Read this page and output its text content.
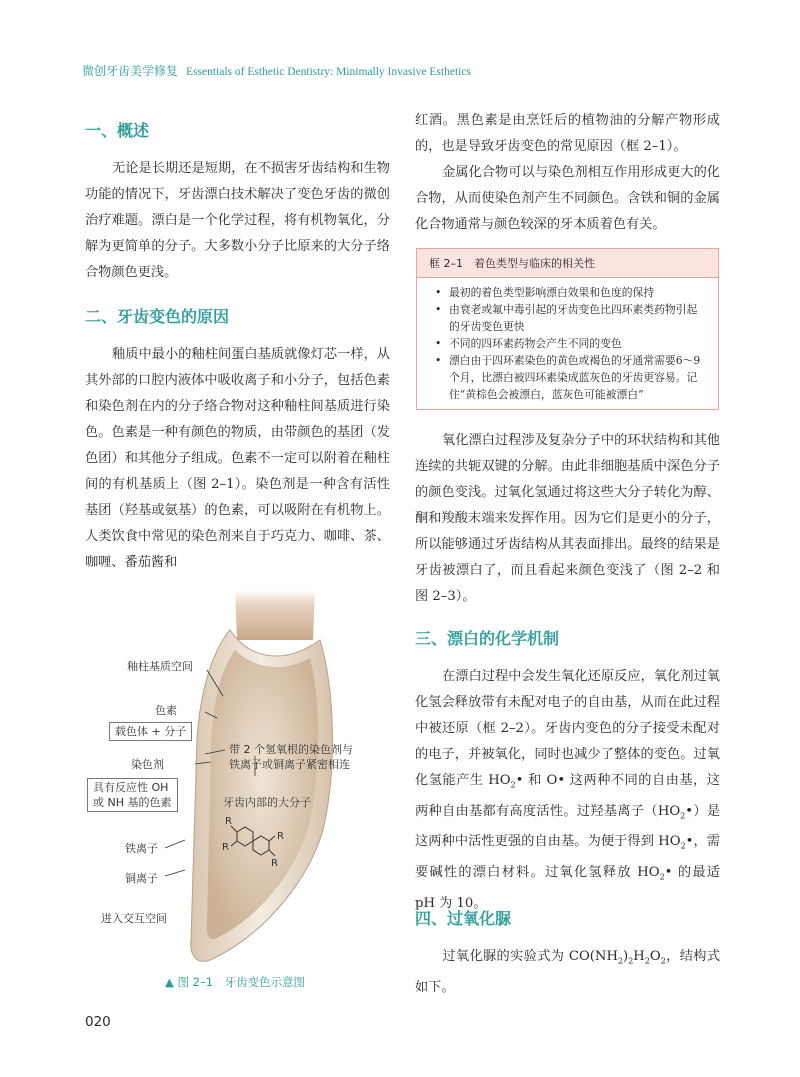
微创牙齿美学修复 Essentials of Esthetic Dentistry: Minimally Invasive Esthetics
一、概述

无论是长期还是短期，在不损害牙齿结构和生物功能的情况下，牙齿漂白技术解决了变色牙齿的微创治疗难题。漂白是一个化学过程，将有机物氧化，分解为更简单的分子。大多数小分子比原来的大分子络合物颜色更浅。

二、牙齿变色的原因

釉质中最小的釉柱间蛋白基质就像灯芯一样，从其外部的口腔内液体中吸收离子和小分子，包括色素和染色剂在内的分子络合物对这种釉柱间基质进行染色。色素是一种有颜色的物质，由带颜色的基团（发色团）和其他分子组成。色素不一定可以附着在釉柱间的有机基质上（图 2–1）。染色剂是一种含有活性基团（羟基或氨基）的色素，可以吸附在有机物上。人类饮食中常见的染色剂来自于巧克力、咖啡、茶、咖喱、番茄酱和

R
R
R
R
釉柱基质空间
色素
载色体 + 分子
染色剂
具有反应性 OH
或 NH 基的色素
带 2 个氢氧根的染色剂与
铁离子或铜离子紧密相连
牙齿内部的大分子
铁离子
铜离子
进入交互空间
▲ 图 2–1　牙齿变色示意图

红酒。黑色素是由烹饪后的植物油的分解产物形成的，也是导致牙齿变色的常见原因（框 2–1）。

金属化合物可以与染色剂相互作用形成更大的化合物，从而使染色剂产生不同颜色。含铁和铜的金属化合物通常与颜色较深的牙本质着色有关。

氧化漂白过程涉及复杂分子中的环状结构和其他连续的共轭双键的分解。由此非细胞基质中深色分子的颜色变浅。过氧化氢通过将这些大分子转化为醇、酮和羧酸末端来发挥作用。因为它们是更小的分子，所以能够通过牙齿结构从其表面排出。最终的结果是牙齿被漂白了，而且看起来颜色变浅了（图 2–2 和图 2–3）。

三、漂白的化学机制

在漂白过程中会发生氧化还原反应，氧化剂过氧化氢会释放带有未配对电子的自由基，从而在此过程中被还原（框 2–2）。牙齿内变色的分子接受未配对的电子，并被氧化，同时也减少了整体的变色。过氧化氢能产生 $HO_2•$ 和 O• 这两种不同的自由基，这两种自由基都有高度活性。过羟基离子$(HO_2•)$是这两种中活性更强的自由基。为便于得到 $HO_2•$，需要碱性的漂白材料。过氧化氢释放 $HO_2•$ 的最适 pH 为 10。

四、过氧化脲

过氧化脲的实验式为 $CO(NH_2)_2H_2O_2$，结构式如下。

框 2–1　着色类型与临床的相关性
• 最初的着色类型影响漂白效果和色度的保持
• 由衰老或氟中毒引起的牙齿变色比四环素类药物引起的牙齿变色更快
• 不同的四环素药物会产生不同的变色
• 漂白由于四环素染色的黄色或褐色的牙通常需要6～9 个月，比漂白被四环素染成蓝灰色的牙齿更容易。记住“黄棕色会被漂白，蓝灰色可能被漂白”
020
